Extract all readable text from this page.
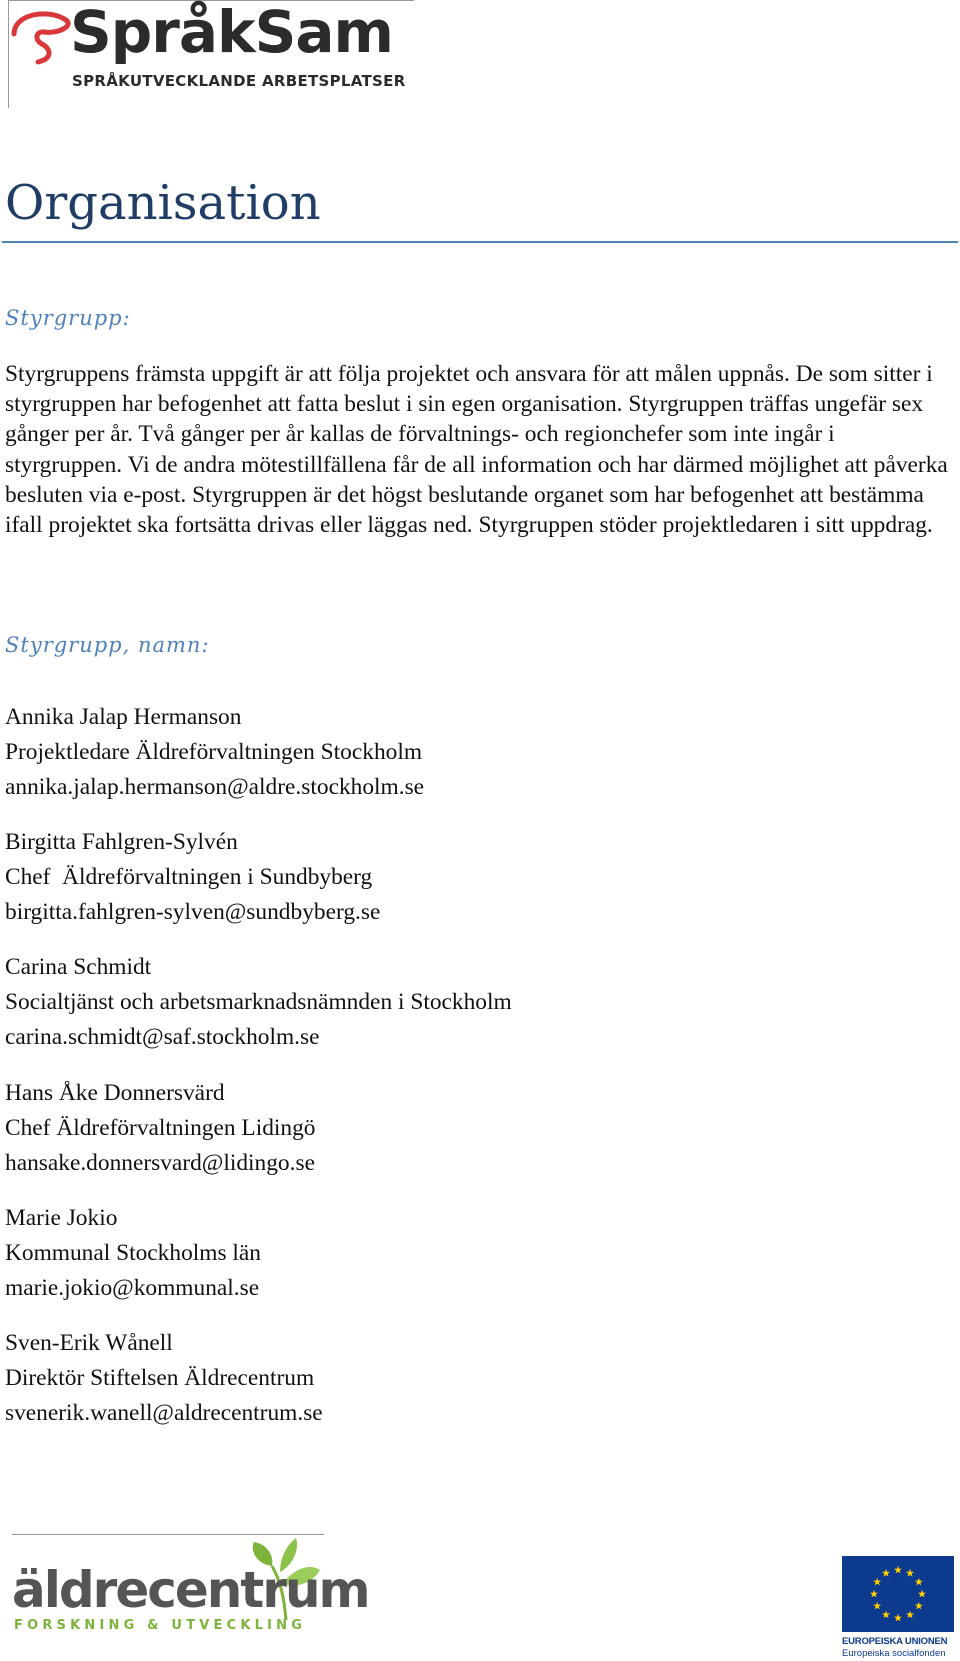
SpråkSam
SPRÅKUTVECKLANDE ARBETSPLATSER
Organisation
Styrgrupp:

Styrgruppens främsta uppgift är att följa projektet och ansvara för att målen uppnås. De som sitter i styrgruppen har befogenhet att fatta beslut i sin egen organisation. Styrgruppen träffas ungefär sex gånger per år. Två gånger per år kallas de förvaltnings- och regionchefer som inte ingår i styrgruppen. Vi de andra mötestillfällena får de all information och har därmed möjlighet att påverka besluten via e-post. Styrgruppen är det högst beslutande organet som har befogenhet att bestämma ifall projektet ska fortsätta drivas eller läggas ned. Styrgruppen stöder projektledaren i sitt uppdrag.

Styrgrupp, namn:
Annika Jalap Hermanson
Projektledare Äldreförvaltningen Stockholm
annika.jalap.hermanson@aldre.stockholm.se
Birgitta Fahlgren-Sylvén
Chef  Äldreförvaltningen i Sundbyberg
birgitta.fahlgren-sylven@sundbyberg.se
Carina Schmidt
Socialtjänst och arbetsmarknadsnämnden i Stockholm
carina.schmidt@saf.stockholm.se
Hans Åke Donnersvärd
Chef Äldreförvaltningen Lidingö
hansake.donnersvard@lidingo.se
Marie Jokio
Kommunal Stockholms län
marie.jokio@kommunal.se
Sven-Erik Wånell
Direktör Stiftelsen Äldrecentrum
svenerik.wanell@aldrecentrum.se
äldrecentrum
FORSKNING & UTVECKLING
EUROPEISKA UNIONEN
Europeiska socialfonden
